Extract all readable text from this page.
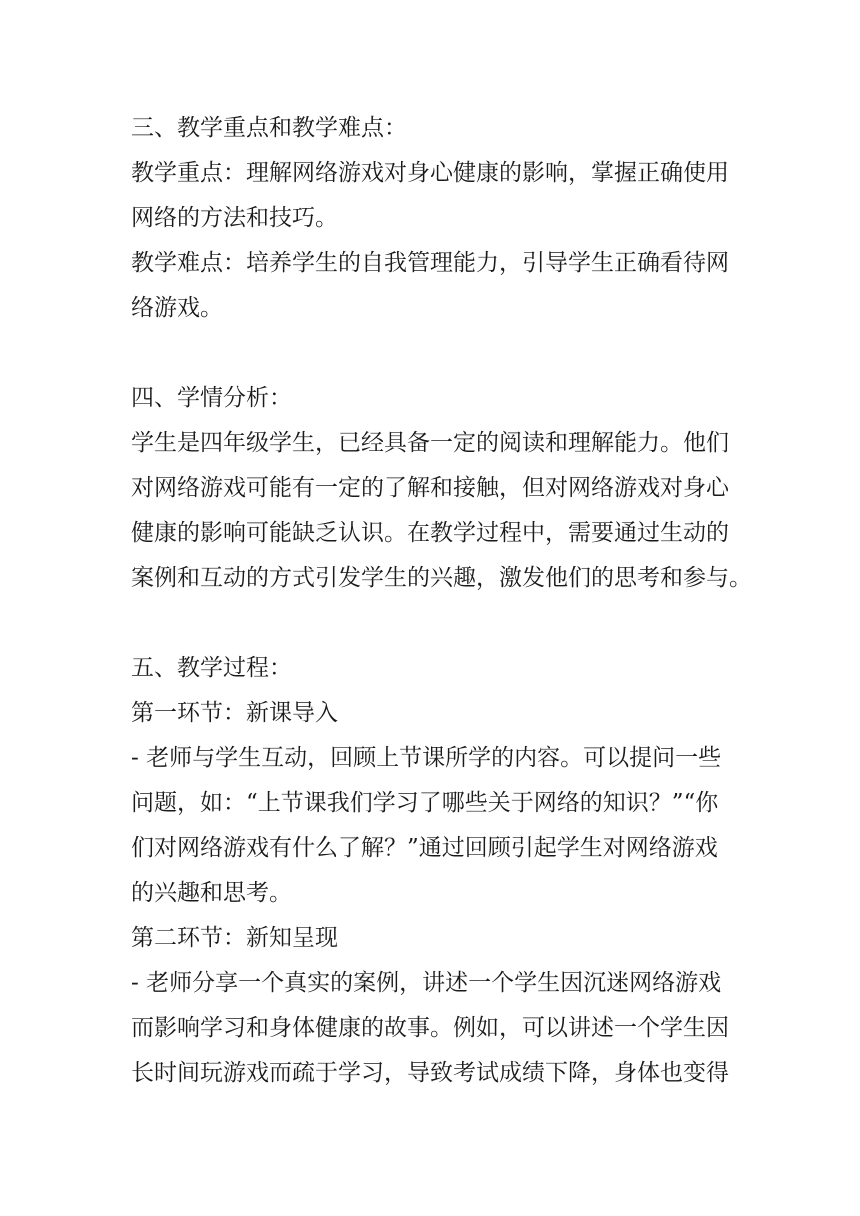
三、教学重点和教学难点：

教学重点：理解网络游戏对身心健康的影响，掌握正确使用

网络的方法和技巧。

教学难点：培养学生的自我管理能力，引导学生正确看待网

络游戏。

四、学情分析：

学生是四年级学生，已经具备一定的阅读和理解能力。他们

对网络游戏可能有一定的了解和接触，但对网络游戏对身心

健康的影响可能缺乏认识。在教学过程中，需要通过生动的

案例和互动的方式引发学生的兴趣，激发他们的思考和参与。

五、教学过程：

第一环节：新课导入

- 老师与学生互动，回顾上节课所学的内容。可以提问一些

问题，如：“上节课我们学习了哪些关于网络的知识？”“你

们对网络游戏有什么了解？”通过回顾引起学生对网络游戏

的兴趣和思考。

第二环节：新知呈现

- 老师分享一个真实的案例，讲述一个学生因沉迷网络游戏

而影响学习和身体健康的故事。例如，可以讲述一个学生因

长时间玩游戏而疏于学习，导致考试成绩下降，身体也变得
